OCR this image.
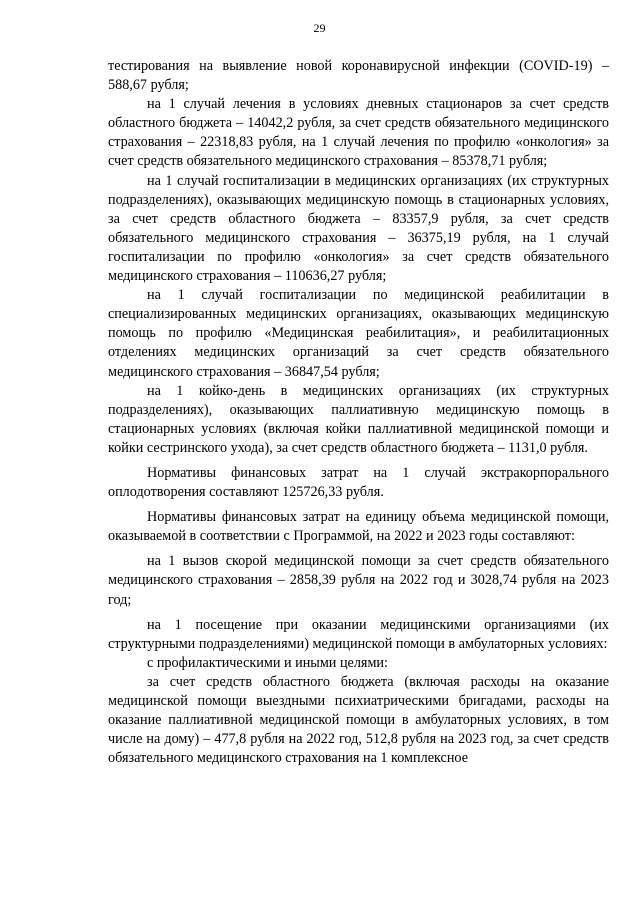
29

тестирования на выявление новой коронавирусной инфекции (COVID-19) – 588,67 рубля;

на 1 случай лечения в условиях дневных стационаров за счет средств областного бюджета – 14042,2 рубля, за счет средств обязательного медицинского страхования – 22318,83 рубля, на 1 случай лечения по профилю «онкология» за счет средств обязательного медицинского страхования – 85378,71 рубля;

на 1 случай госпитализации в медицинских организациях (их структурных подразделениях), оказывающих медицинскую помощь в стационарных условиях, за счет средств областного бюджета – 83357,9 рубля, за счет средств обязательного медицинского страхования – 36375,19 рубля, на 1 случай госпитализации по профилю «онкология» за счет средств обязательного медицинского страхования – 110636,27 рубля;

на 1 случай госпитализации по медицинской реабилитации в специализированных медицинских организациях, оказывающих медицинскую помощь по профилю «Медицинская реабилитация», и реабилитационных отделениях медицинских организаций за счет средств обязательного медицинского страхования – 36847,54 рубля;

на 1 койко-день в медицинских организациях (их структурных подразделениях), оказывающих паллиативную медицинскую помощь в стационарных условиях (включая койки паллиативной медицинской помощи и койки сестринского ухода), за счет средств областного бюджета – 1131,0 рубля.

Нормативы финансовых затрат на 1 случай экстракорпорального оплодотворения составляют 125726,33 рубля.

Нормативы финансовых затрат на единицу объема медицинской помощи, оказываемой в соответствии с Программой, на 2022 и 2023 годы составляют:

на 1 вызов скорой медицинской помощи за счет средств обязательного медицинского страхования – 2858,39 рубля на 2022 год и 3028,74 рубля на 2023 год;

на 1 посещение при оказании медицинскими организациями (их структурными подразделениями) медицинской помощи в амбулаторных условиях:

с профилактическими и иными целями:

за счет средств областного бюджета (включая расходы на оказание медицинской помощи выездными психиатрическими бригадами, расходы на оказание паллиативной медицинской помощи в амбулаторных условиях, в том числе на дому) – 477,8 рубля на 2022 год, 512,8 рубля на 2023 год, за счет средств обязательного медицинского страхования на 1 комплексное
